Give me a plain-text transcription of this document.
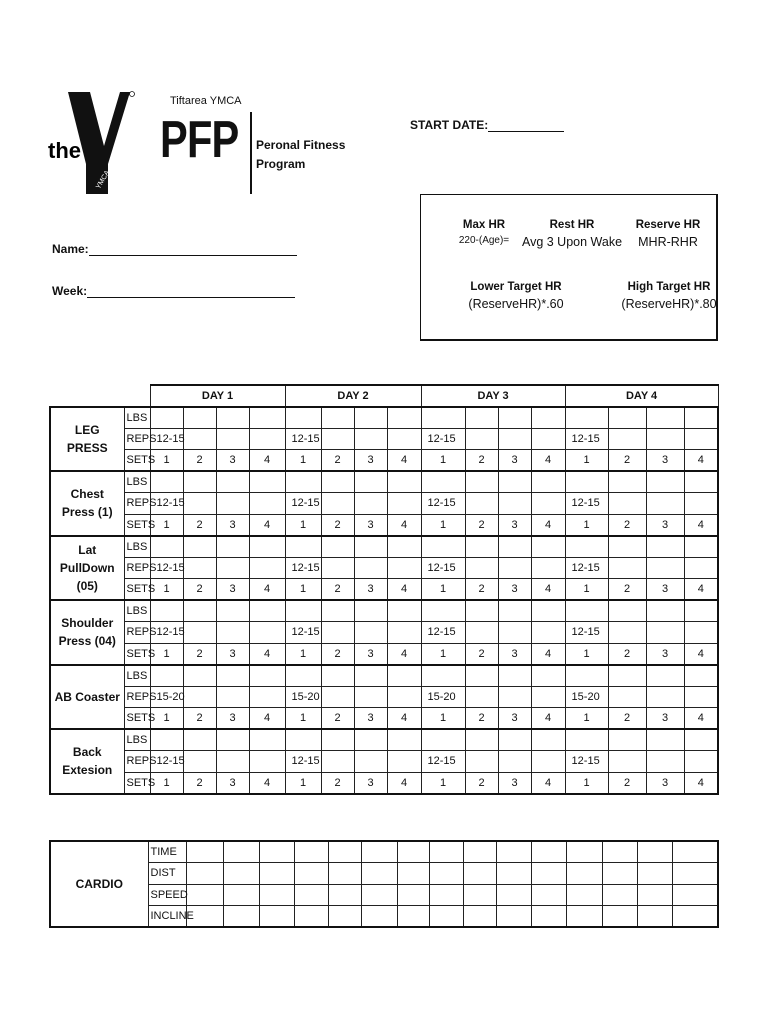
the
YMCA
Tiftarea YMCA
PFP Peronal Fitness
Program
START DATE:
Name:
Week:
Max HR
220-(Age)=
Rest HR
Avg 3 Upon Wake
Reserve HR
MHR-RHR
Lower Target HR
(ReserveHR)*.60
High Target HR
(ReserveHR)*.80
		DAY 1				DAY 2				DAY 3				DAY 4			
LEG PRESS	LBS																
	REPS	12-15				12-15				12-15				12-15			
	SETS	1	2	3	4	1	2	3	4	1	2	3	4	1	2	3	4
Chest Press (1)	LBS																
	REPS	12-15				12-15				12-15				12-15			
	SETS	1	2	3	4	1	2	3	4	1	2	3	4	1	2	3	4
Lat PullDown (05)	LBS																
	REPS	12-15				12-15				12-15				12-15			
	SETS	1	2	3	4	1	2	3	4	1	2	3	4	1	2	3	4
Shoulder Press (04)	LBS																
	REPS	12-15				12-15				12-15				12-15			
	SETS	1	2	3	4	1	2	3	4	1	2	3	4	1	2	3	4
AB Coaster	LBS																
	REPS	15-20				15-20				15-20				15-20			
	SETS	1	2	3	4	1	2	3	4	1	2	3	4	1	2	3	4
Back Extesion	LBS																
	REPS	12-15				12-15				12-15				12-15			
	SETS	1	2	3	4	1	2	3	4	1	2	3	4	1	2	3	4
CARDIO	TIME															
	DIST															
	SPEED															
	INCLINE															
